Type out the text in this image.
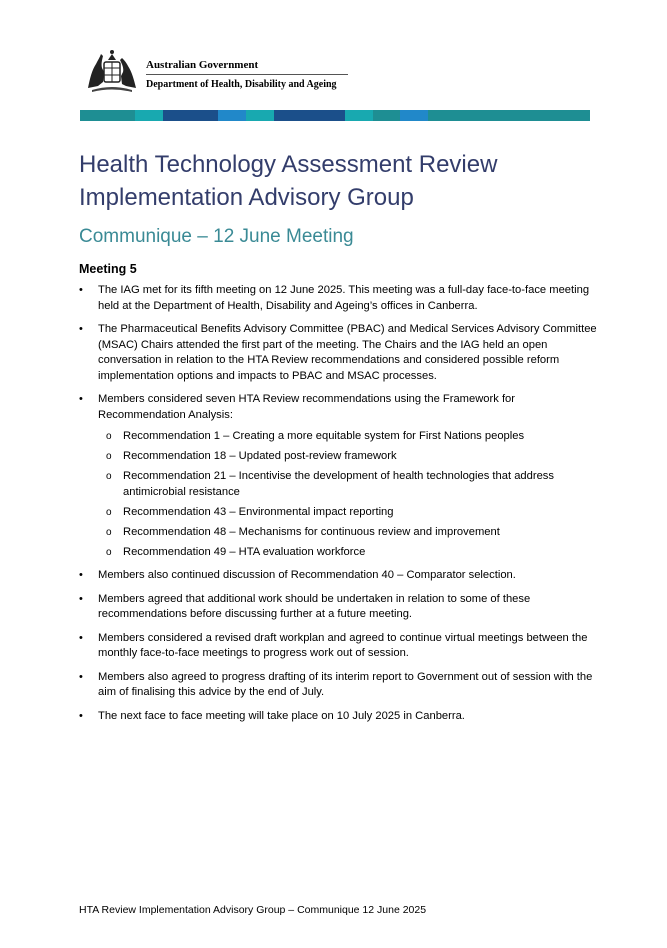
Australian Government
Department of Health, Disability and Ageing
Health Technology Assessment Review Implementation Advisory Group
Communique – 12 June Meeting
Meeting 5
• The IAG met for its fifth meeting on 12 June 2025. This meeting was a full-day face-to-face meeting held at the Department of Health, Disability and Ageing’s offices in Canberra.
• The Pharmaceutical Benefits Advisory Committee (PBAC) and Medical Services Advisory Committee (MSAC) Chairs attended the first part of the meeting. The Chairs and the IAG held an open conversation in relation to the HTA Review recommendations and considered possible reform implementation options and impacts to PBAC and MSAC processes.
• Members considered seven HTA Review recommendations using the Framework for Recommendation Analysis:
o Recommendation 1 – Creating a more equitable system for First Nations peoples
o Recommendation 18 – Updated post-review framework
o Recommendation 21 – Incentivise the development of health technologies that address antimicrobial resistance
o Recommendation 43 – Environmental impact reporting
o Recommendation 48 – Mechanisms for continuous review and improvement
o Recommendation 49 – HTA evaluation workforce
• Members also continued discussion of Recommendation 40 – Comparator selection.
• Members agreed that additional work should be undertaken in relation to some of these recommendations before discussing further at a future meeting.
• Members considered a revised draft workplan and agreed to continue virtual meetings between the monthly face-to-face meetings to progress work out of session.
• Members also agreed to progress drafting of its interim report to Government out of session with the aim of finalising this advice by the end of July.
• The next face to face meeting will take place on 10 July 2025 in Canberra.

HTA Review Implementation Advisory Group – Communique 12 June 2025
